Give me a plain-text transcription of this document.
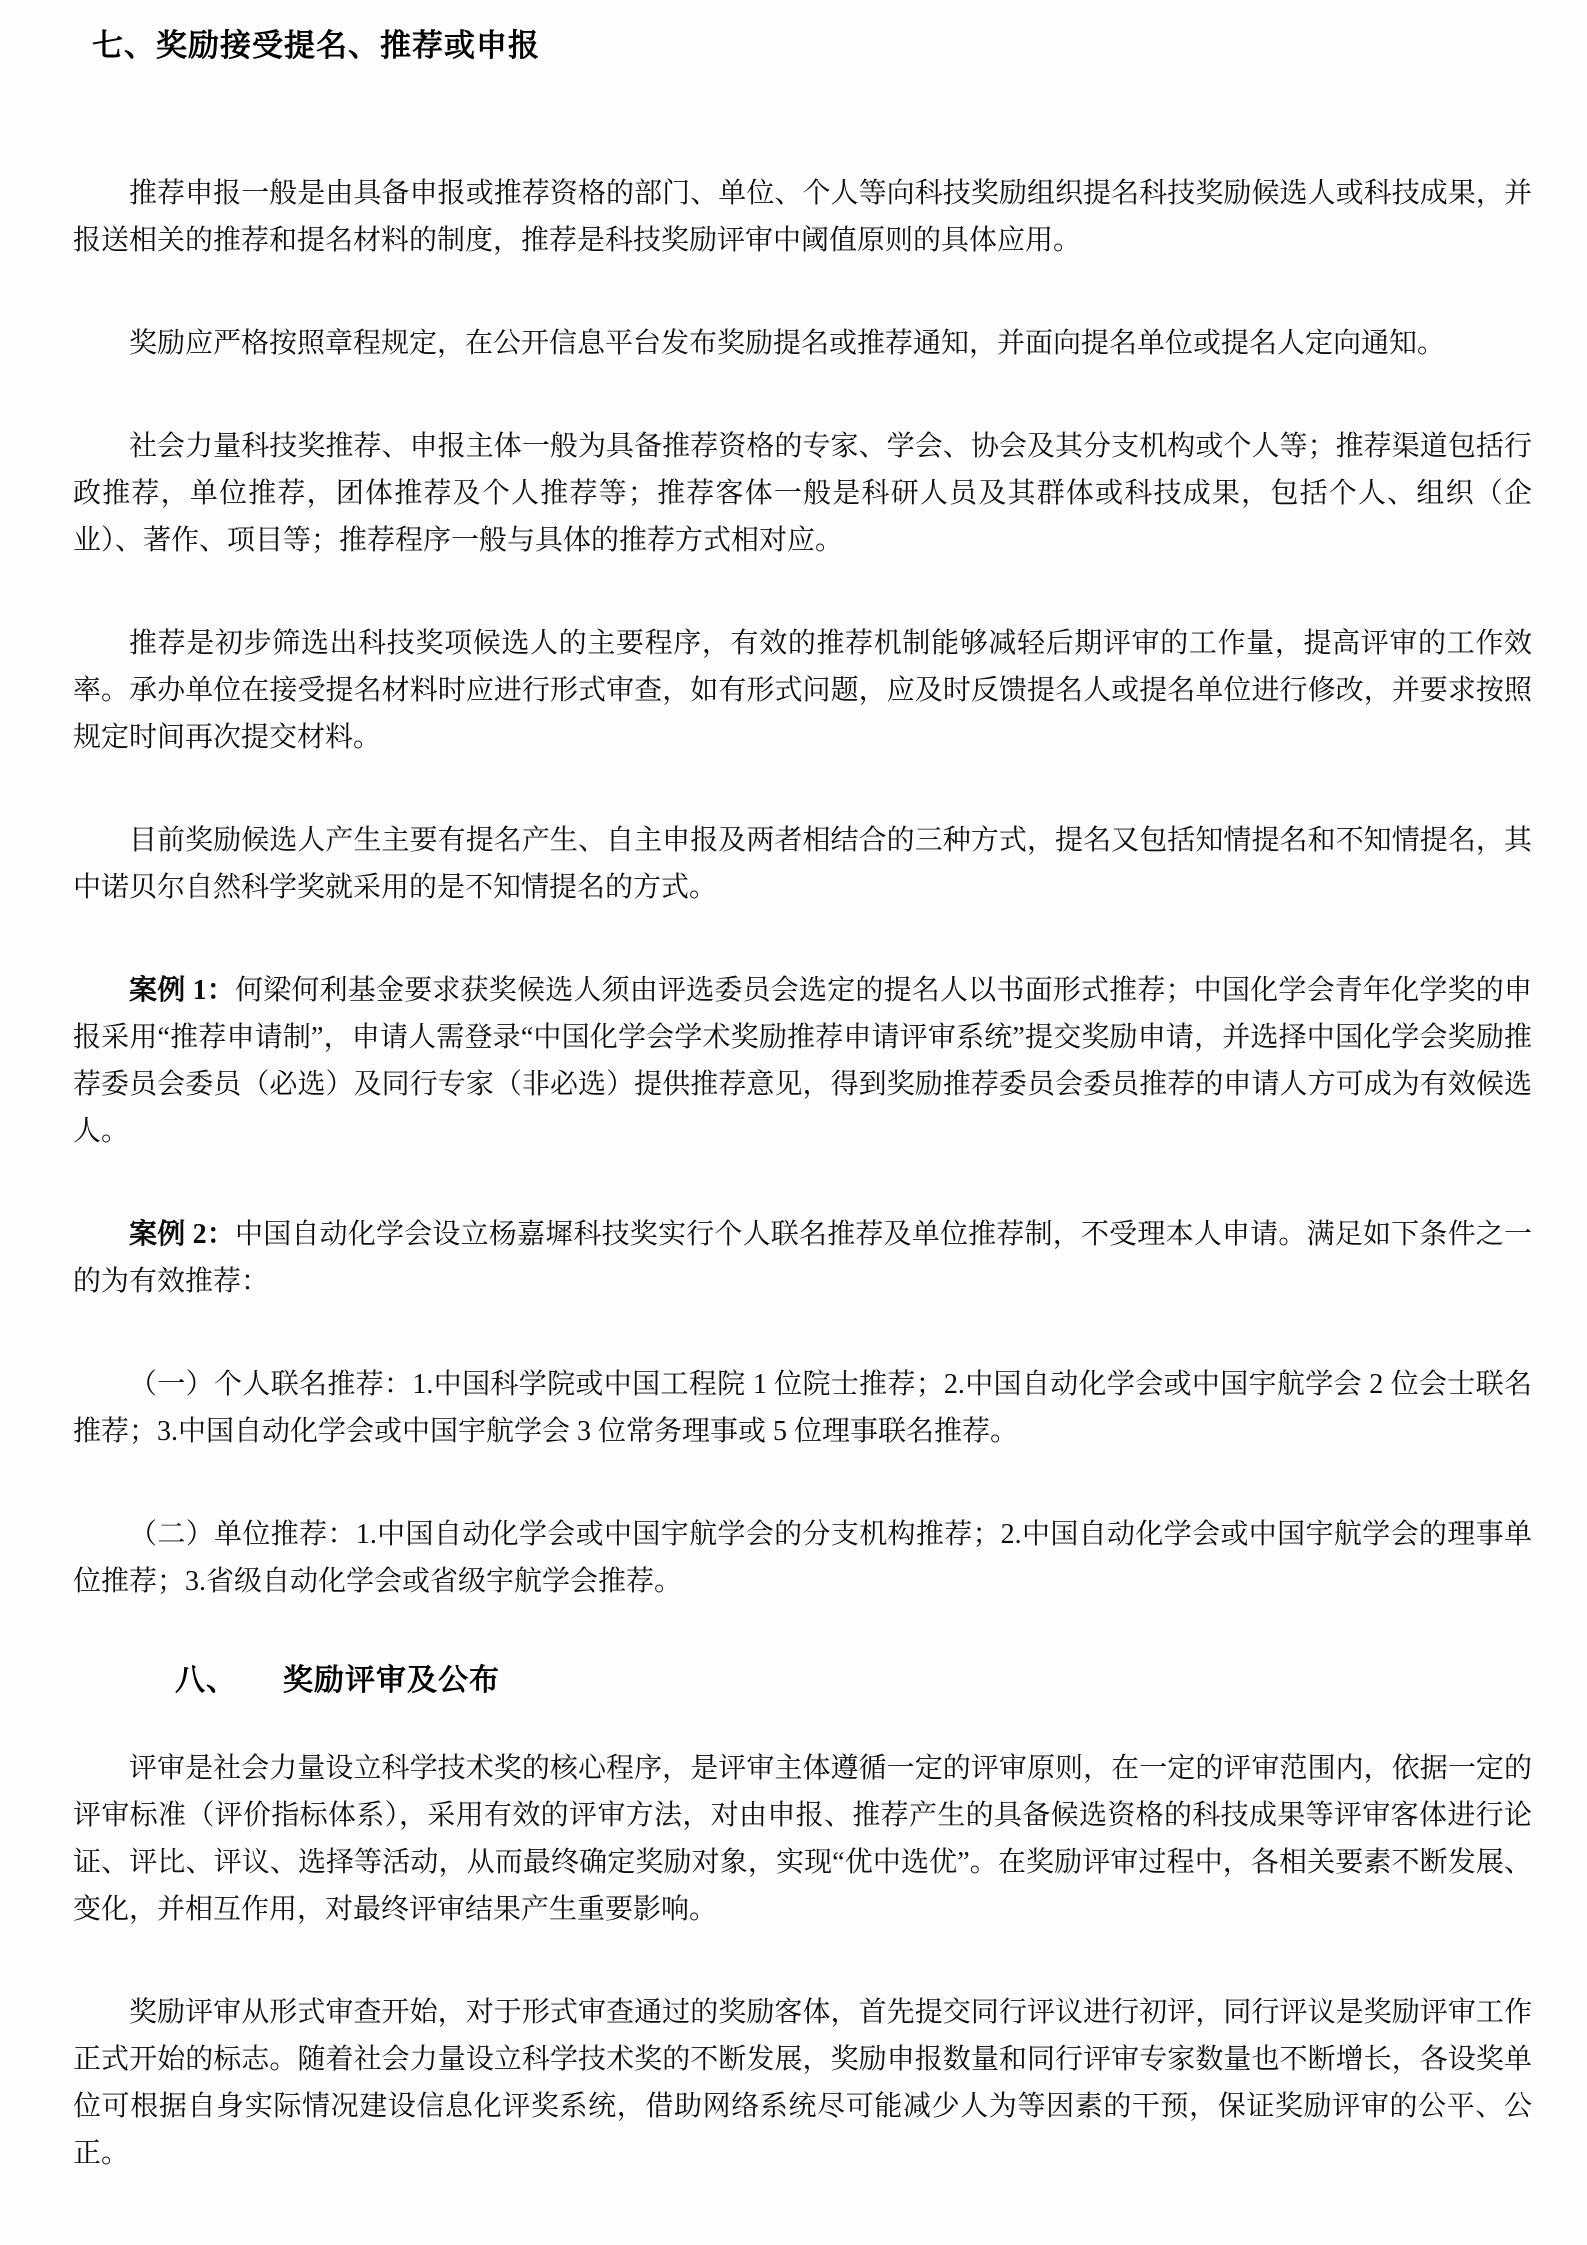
七、奖励接受提名、推荐或申报

推荐申报一般是由具备申报或推荐资格的部门、单位、个人等向科技奖励组织提名科技奖励候选人或科技成果，并报送相关的推荐和提名材料的制度，推荐是科技奖励评审中阈值原则的具体应用。

奖励应严格按照章程规定，在公开信息平台发布奖励提名或推荐通知，并面向提名单位或提名人定向通知。

社会力量科技奖推荐、申报主体一般为具备推荐资格的专家、学会、协会及其分支机构或个人等；推荐渠道包括行政推荐，单位推荐，团体推荐及个人推荐等；推荐客体一般是科研人员及其群体或科技成果，包括个人、组织（企业）、著作、项目等；推荐程序一般与具体的推荐方式相对应。

推荐是初步筛选出科技奖项候选人的主要程序，有效的推荐机制能够减轻后期评审的工作量，提高评审的工作效率。承办单位在接受提名材料时应进行形式审查，如有形式问题，应及时反馈提名人或提名单位进行修改，并要求按照规定时间再次提交材料。

目前奖励候选人产生主要有提名产生、自主申报及两者相结合的三种方式，提名又包括知情提名和不知情提名，其中诺贝尔自然科学奖就采用的是不知情提名的方式。

案例 1：何梁何利基金要求获奖候选人须由评选委员会选定的提名人以书面形式推荐；中国化学会青年化学奖的申报采用“推荐申请制”，申请人需登录“中国化学会学术奖励推荐申请评审系统”提交奖励申请，并选择中国化学会奖励推荐委员会委员（必选）及同行专家（非必选）提供推荐意见，得到奖励推荐委员会委员推荐的申请人方可成为有效候选人。

案例 2：中国自动化学会设立杨嘉墀科技奖实行个人联名推荐及单位推荐制，不受理本人申请。满足如下条件之一的为有效推荐：

（一）个人联名推荐：1.中国科学院或中国工程院 1 位院士推荐；2.中国自动化学会或中国宇航学会 2 位会士联名推荐；3.中国自动化学会或中国宇航学会 3 位常务理事或 5 位理事联名推荐。

（二）单位推荐：1.中国自动化学会或中国宇航学会的分支机构推荐；2.中国自动化学会或中国宇航学会的理事单位推荐；3.省级自动化学会或省级宇航学会推荐。

八、 奖励评审及公布

评审是社会力量设立科学技术奖的核心程序，是评审主体遵循一定的评审原则，在一定的评审范围内，依据一定的评审标准（评价指标体系），采用有效的评审方法，对由申报、推荐产生的具备候选资格的科技成果等评审客体进行论证、评比、评议、选择等活动，从而最终确定奖励对象，实现“优中选优”。在奖励评审过程中，各相关要素不断发展、变化，并相互作用，对最终评审结果产生重要影响。

奖励评审从形式审查开始，对于形式审查通过的奖励客体，首先提交同行评议进行初评，同行评议是奖励评审工作正式开始的标志。随着社会力量设立科学技术奖的不断发展，奖励申报数量和同行评审专家数量也不断增长，各设奖单位可根据自身实际情况建设信息化评奖系统，借助网络系统尽可能减少人为等因素的干预，保证奖励评审的公平、公正。
